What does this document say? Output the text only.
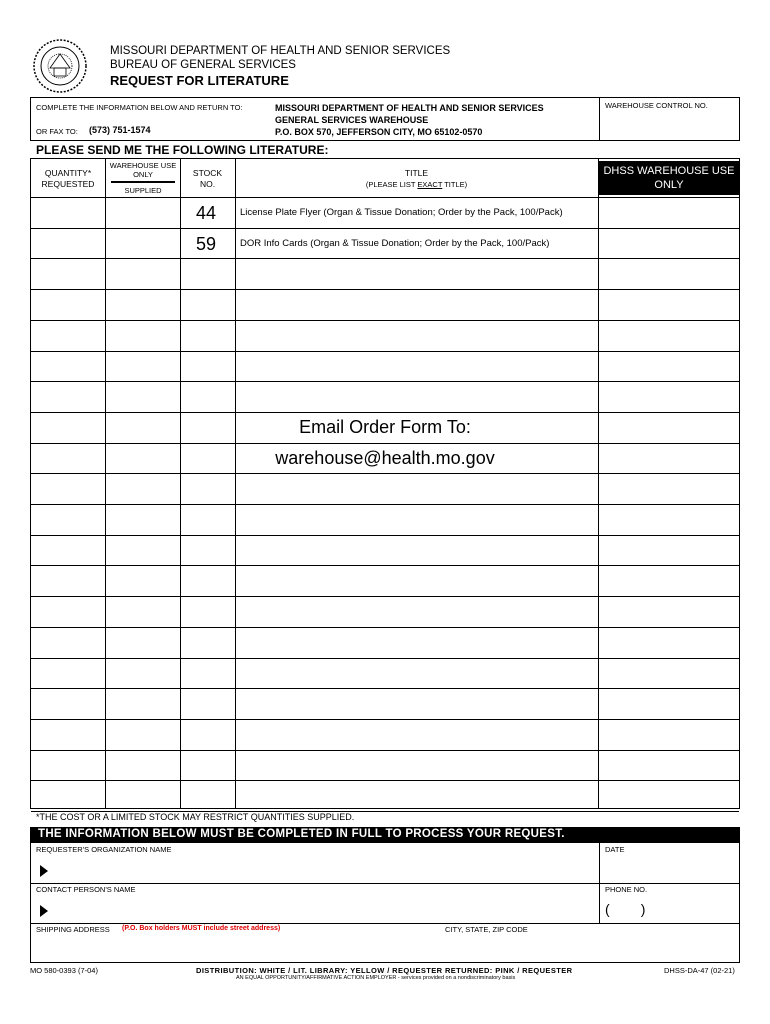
MISSOURI DEPARTMENT OF HEALTH AND SENIOR SERVICES
BUREAU OF GENERAL SERVICES
REQUEST FOR LITERATURE
COMPLETE THE INFORMATION BELOW AND RETURN TO:	MISSOURI DEPARTMENT OF HEALTH AND SENIOR SERVICES
GENERAL SERVICES WAREHOUSE
P.O. BOX 570, JEFFERSON CITY, MO 65102-0570
OR FAX TO: (573) 751-1574
WAREHOUSE CONTROL NO.
PLEASE SEND ME THE FOLLOWING LITERATURE:
QUANTITY*
REQUESTED
WAREHOUSE USE ONLY
SUPPLIED
STOCK
NO.
TITLE
(PLEASE LIST EXACT TITLE)
DHSS WAREHOUSE USE ONLY
44	License Plate Flyer (Organ & Tissue Donation; Order by the Pack, 100/Pack)
59	DOR Info Cards (Organ & Tissue Donation; Order by the Pack, 100/Pack)
Email Order Form To:
warehouse@health.mo.gov
*THE COST OR A LIMITED STOCK MAY RESTRICT QUANTITIES SUPPLIED.
THE INFORMATION BELOW MUST BE COMPLETED IN FULL TO PROCESS YOUR REQUEST.
REQUESTER'S ORGANIZATION NAME	DATE
CONTACT PERSON'S NAME	PHONE NO.
(        )
SHIPPING ADDRESS (P.O. Box holders MUST include street address)	CITY, STATE, ZIP CODE
MO 580-0393 (7-04)	DISTRIBUTION: WHITE / LIT. LIBRARY: YELLOW / REQUESTER RETURNED: PINK / REQUESTER
AN EQUAL OPPORTUNITY/AFFIRMATIVE ACTION EMPLOYER - services provided on a nondiscriminatory basis
DHSS-DA-47 (02-21)
